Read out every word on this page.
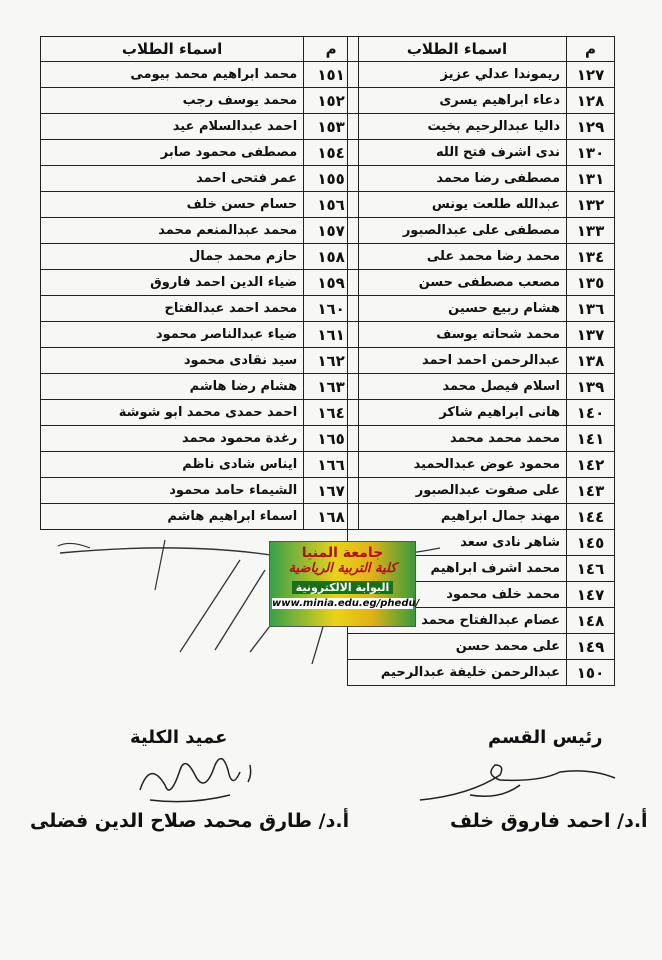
م	اسماء الطلاب
١٢٧	ريموندا عدلي عزيز
١٢٨	دعاء ابراهيم يسرى
١٢٩	داليا عبدالرحيم بخيت
١٣٠	ندى اشرف فتح الله
١٣١	مصطفى رضا محمد
١٣٢	عبدالله طلعت يونس
١٣٣	مصطفى على عبدالصبور
١٣٤	محمد رضا محمد على
١٣٥	مصعب مصطفى حسن
١٣٦	هشام ربيع حسين
١٣٧	محمد شحاته يوسف
١٣٨	عبدالرحمن احمد احمد
١٣٩	اسلام فيصل محمد
١٤٠	هانى ابراهيم شاكر
١٤١	محمد محمد محمد
١٤٢	محمود عوض عبدالحميد
١٤٣	على صفوت عبدالصبور
١٤٤	مهند جمال ابراهيم
١٤٥	شاهر نادى سعد
١٤٦	محمد اشرف ابراهيم
١٤٧	محمد خلف محمود
١٤٨	عصام عبدالفتاح محمد
١٤٩	على محمد حسن
١٥٠	عبدالرحمن خليفة عبدالرحيم
م	اسماء الطلاب
١٥١	محمد ابراهيم محمد بيومى
١٥٢	محمد يوسف رجب
١٥٣	احمد عبدالسلام عيد
١٥٤	مصطفى محمود صابر
١٥٥	عمر فتحى احمد
١٥٦	حسام حسن خلف
١٥٧	محمد عبدالمنعم محمد
١٥٨	حازم محمد جمال
١٥٩	ضياء الدين احمد فاروق
١٦٠	محمد احمد عبدالفتاح
١٦١	ضياء عبدالناصر محمود
١٦٢	سيد نقادى محمود
١٦٣	هشام رضا هاشم
١٦٤	احمد حمدى محمد ابو شوشة
١٦٥	رغدة محمود محمد
١٦٦	ايناس شادى ناظم
١٦٧	الشيماء حامد محمود
١٦٨	اسماء ابراهيم هاشم
جامعة المنيا
كلية التربية الرياضية
البوابة الالكترونية
www.minia.edu.eg/phedu/
عميد الكلية	رئيس القسم
أ.د/ طارق محمد صلاح الدين فضلى	أ.د/ احمد فاروق خلف
